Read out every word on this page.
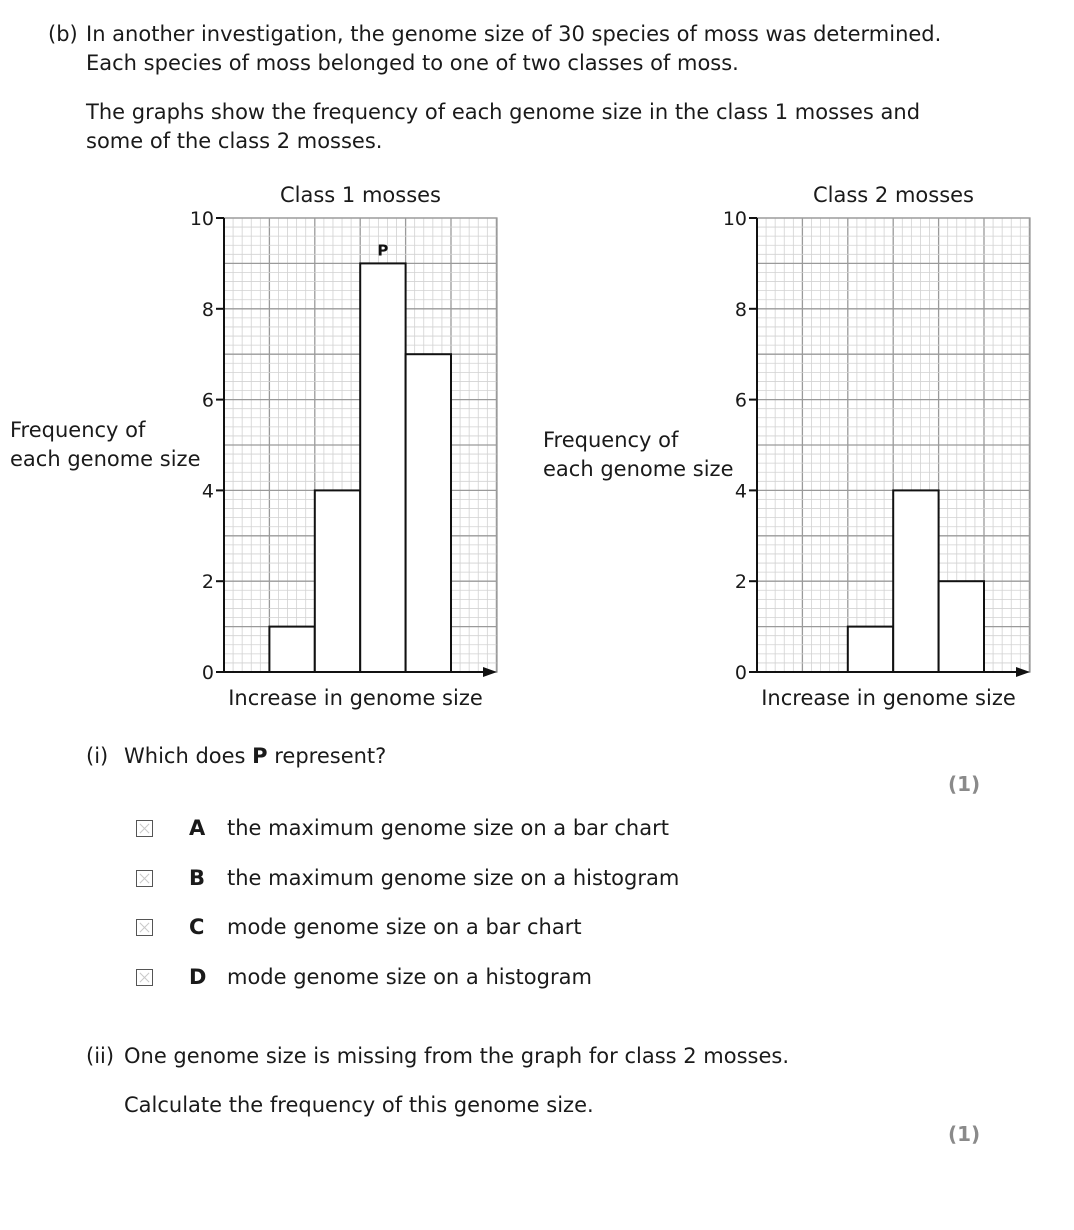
(b) In another investigation, the genome size of 30 species of moss was determined.
Each species of moss belonged to one of two classes of moss.
The graphs show the frequency of each genome size in the class 1 mosses and
some of the class 2 mosses.
Frequency of
each genome size
Frequency of
each genome size
P
0
2
4
6
8
10
Class 1 mosses
Increase in genome size
0
2
4
6
8
10
Class 2 mosses
Increase in genome size
(i) Which does P represent?
(1)
A	the maximum genome size on a bar chart
B	the maximum genome size on a histogram
C	mode genome size on a bar chart
D mode genome size on a histogram
(ii) One genome size is missing from the graph for class 2 mosses.
Calculate the frequency of this genome size.
(1)
